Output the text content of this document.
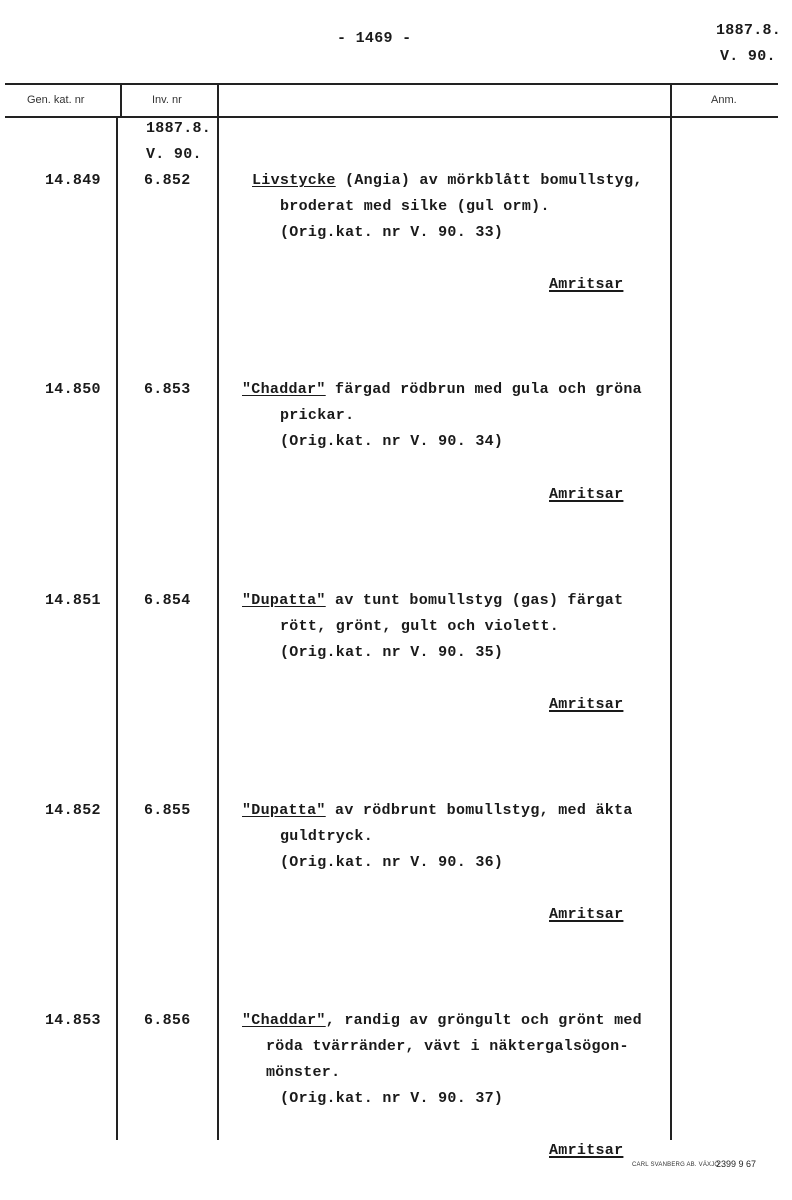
- 1469 -	1887.8.
V. 90.
Gen. kat. nr	Inv. nr	Anm.
1887.8.
V. 90.
14.849	6.852	Livstycke (Angia) av mörkblått bomullstyg,
broderat med silke (gul orm).
(Orig.kat. nr V. 90. 33)
Amritsar
14.850	6.853	"Chaddar" färgad rödbrun med gula och gröna
prickar.
(Orig.kat. nr V. 90. 34)
Amritsar
14.851	6.854	"Dupatta" av tunt bomullstyg (gas) färgat
rött, grönt, gult och violett.
(Orig.kat. nr V. 90. 35)
Amritsar
14.852	6.855	"Dupatta" av rödbrunt bomullstyg, med äkta
guldtryck.
(Orig.kat. nr V. 90. 36)
Amritsar
14.853	6.856	"Chaddar", randig av gröngult och grönt med
röda tvärränder, vävt i näktergalsögon-
mönster.
(Orig.kat. nr V. 90. 37)
Amritsar
CARL SVANBERG AB. VÄXJÖ
2399 9 67
